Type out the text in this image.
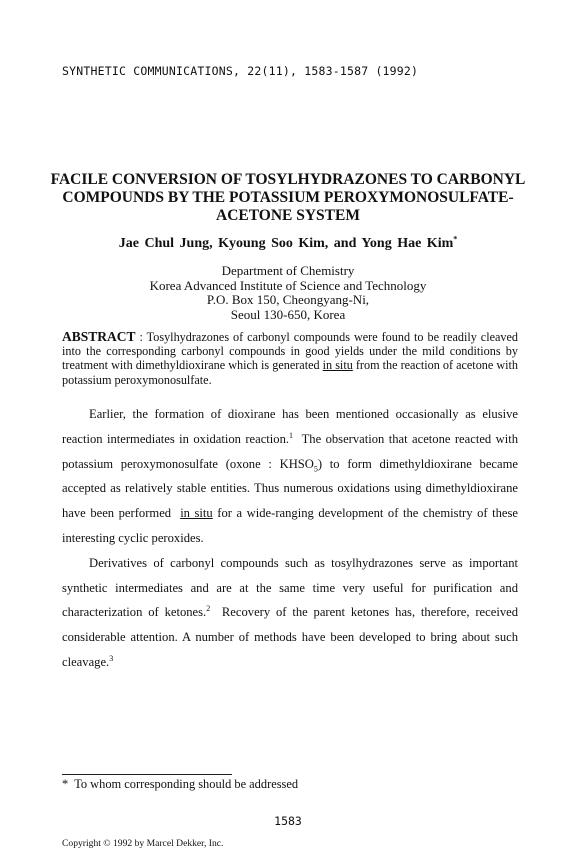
SYNTHETIC COMMUNICATIONS, 22(11), 1583-1587 (1992)
FACILE CONVERSION OF TOSYLHYDRAZONES TO CARBONYL
COMPOUNDS BY THE POTASSIUM PEROXYMONOSULFATE-
ACETONE SYSTEM
Jae Chul Jung, Kyoung Soo Kim, and Yong Hae Kim*
Department of Chemistry
Korea Advanced Institute of Science and Technology
P.O. Box 150, Cheongyang-Ni,
Seoul 130-650, Korea
ABSTRACT : Tosylhydrazones of carbonyl compounds were found to be readily cleaved into the corresponding carbonyl compounds in good yields under the mild conditions by treatment with dimethyldioxirane which is generated in situ from the reaction of acetone with potassium peroxymonosulfate.

Earlier, the formation of dioxirane has been mentioned occasionally as elusive reaction intermediates in oxidation reaction.$^1$ The observation that acetone reacted with potassium peroxymonosulfate (oxone : $KHSO_5$) to form dimethyldioxirane became accepted as relatively stable entities. Thus numerous oxidations using dimethyldioxirane have been performed in situ for a wide-ranging development of the chemistry of these interesting cyclic peroxides.

Derivatives of carbonyl compounds such as tosylhydrazones serve as important synthetic intermediates and are at the same time very useful for purification and characterization of ketones.$^2$ Recovery of the parent ketones has, therefore, received considerable attention. A number of methods have been developed to bring about such cleavage.$^3$

* To whom corresponding should be addressed
1583
Copyright © 1992 by Marcel Dekker, Inc.
